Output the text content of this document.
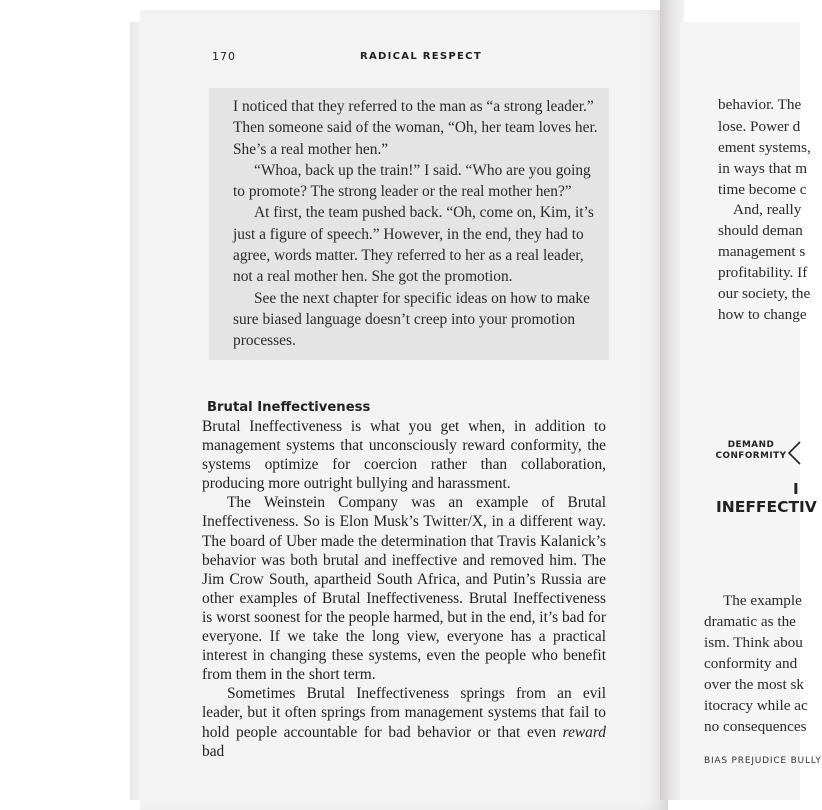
170	RADICAL RESPECT

I noticed that they referred to the man as “a strong leader.” Then someone said of the woman, “Oh, her team loves her. She’s a real mother hen.”

“Whoa, back up the train!” I said. “Who are you going to promote? The strong leader or the real mother hen?”

At first, the team pushed back. “Oh, come on, Kim, it’s just a figure of speech.” However, in the end, they had to agree, words matter. They referred to her as a real leader, not a real mother hen. She got the promotion.

See the next chapter for specific ideas on how to make sure biased language doesn’t creep into your promotion processes.

Brutal Ineffectiveness

Brutal Ineffectiveness is what you get when, in addition to management systems that unconsciously reward conformity, the systems optimize for coercion rather than collaboration, producing more outright bullying and harassment.

The Weinstein Company was an example of Brutal Ineffectiveness. So is Elon Musk’s Twitter/X, in a different way. The board of Uber made the determination that Travis Kalanick’s behavior was both brutal and ineffective and removed him. The Jim Crow South, apartheid South Africa, and Putin’s Russia are other examples of Brutal Ineffectiveness. Brutal Ineffectiveness is worst soonest for the people harmed, but in the end, it’s bad for everyone. If we take the long view, everyone has a practical interest in changing these systems, even the people who benefit from them in the short term.

Sometimes Brutal Ineffectiveness springs from an evil leader, but it often springs from management systems that fail to hold people accountable for bad behavior or that even reward bad

behavior. The
lose. Power d
ement systems,
in ways that m
time become c
And, really
should deman
management s
profitability. If
our society, the
how to change
DEMAND
CONFORMITY
I
INEFFECTIV
The example
dramatic as the
ism. Think abou
conformity and
over the most sk
itocracy while ac
no consequences
BIAS PREJUDICE BULLY
